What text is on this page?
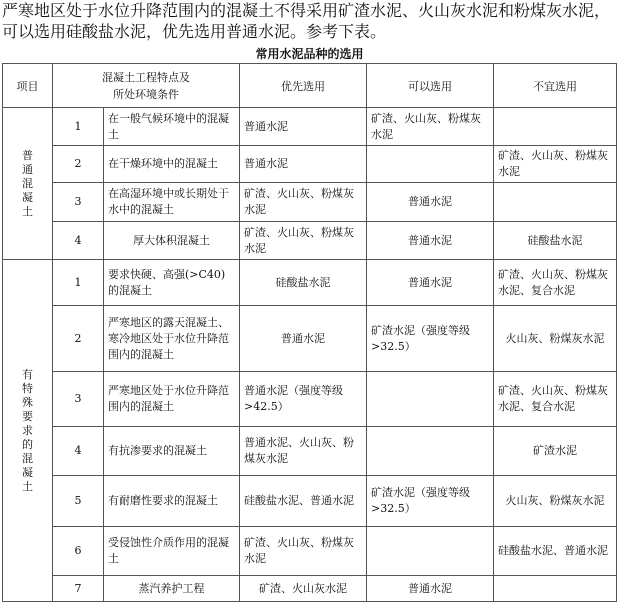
严寒地区处于水位升降范围内的混凝土不得采用矿渣水泥、火山灰水泥和粉煤灰水泥，可以选用硅酸盐水泥，优先选用普通水泥。参考下表。
常用水泥品种的选用
项目	混凝土工程特点及
所处环境条件		优先选用	可以选用	不宜选用
普通混凝土	1	在一般气候环境中的混凝土	普通水泥	矿渣、火山灰、粉煤灰水泥	
	2	在干燥环境中的混凝土	普通水泥		矿渣、火山灰、粉煤灰水泥
	3	在高湿环境中或长期处于水中的混凝土	矿渣、火山灰、粉煤灰水泥	普通水泥	
	4	厚大体积混凝土	矿渣、火山灰、粉煤灰水泥	普通水泥	硅酸盐水泥
有特殊要求的混凝土	1	要求快硬、高强(>C40)的混凝土	硅酸盐水泥	普通水泥	矿渣、火山灰、粉煤灰水泥、复合水泥
	2	严寒地区的露天混凝土、寒冷地区处于水位升降范围内的混凝土	普通水泥	矿渣水泥（强度等级>32.5）	火山灰、粉煤灰水泥
	3	严寒地区处于水位升降范围内的混凝土	普通水泥（强度等级>42.5）		矿渣、火山灰、粉煤灰水泥、复合水泥
	4	有抗渗要求的混凝土	普通水泥、火山灰、粉煤灰水泥		矿渣水泥
	5	有耐磨性要求的混凝土	硅酸盐水泥、普通水泥	矿渣水泥（强度等级>32.5）	火山灰、粉煤灰水泥
	6	受侵蚀性介质作用的混凝土	矿渣、火山灰、粉煤灰水泥		硅酸盐水泥、普通水泥
	7	蒸汽养护工程	矿渣、火山灰水泥	普通水泥	
